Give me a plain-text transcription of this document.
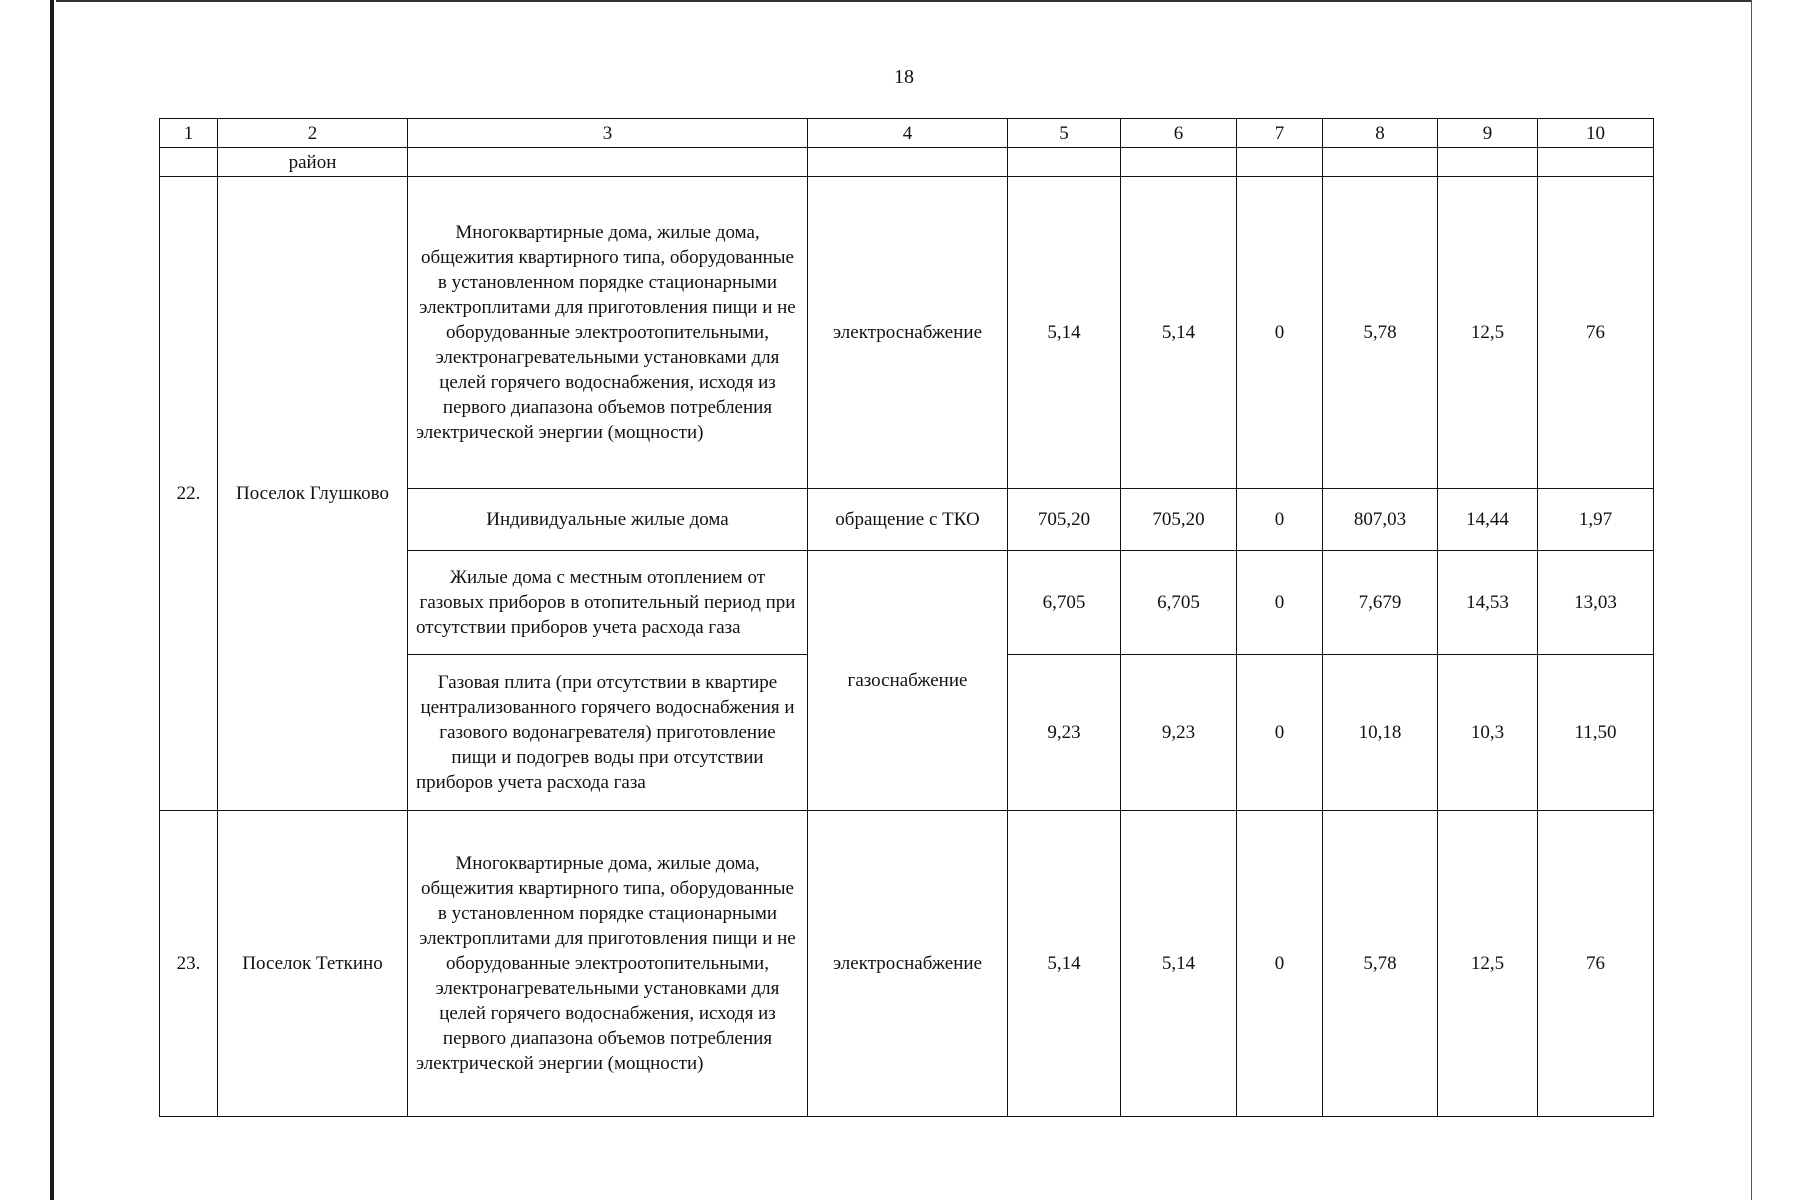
18
1	2	3	4	5	6	7	8	9	10
	район								
22.	Поселок Глушково	Многоквартирные дома, жилые дома, общежития квартирного типа, оборудованные в установленном порядке стационарными электроплитами для приготовления пищи и не оборудованные электроотопительными, электронагревательными установками для целей горячего водоснабжения, исходя из первого диапазона объемов потребления электрической энергии (мощности)	электроснабжение	5,14	5,14	0	5,78	12,5	76
		Индивидуальные жилые дома	обращение с ТКО	705,20	705,20	0	807,03	14,44	1,97
		Жилые дома с местным отоплением от газовых приборов в отопительный период при отсутствии приборов учета расхода газа	газоснабжение	6,705	6,705	0	7,679	14,53	13,03
		Газовая плита (при отсутствии в квартире централизованного горячего водоснабжения и газового водонагревателя) приготовление пищи и подогрев воды при отсутствии приборов учета расхода газа		9,23	9,23	0	10,18	10,3	11,50
23.	Поселок Теткино	Многоквартирные дома, жилые дома, общежития квартирного типа, оборудованные в установленном порядке стационарными электроплитами для приготовления пищи и не оборудованные электроотопительными, электронагревательными установками для целей горячего водоснабжения, исходя из первого диапазона объемов потребления электрической энергии (мощности)	электроснабжение	5,14	5,14	0	5,78	12,5	76
